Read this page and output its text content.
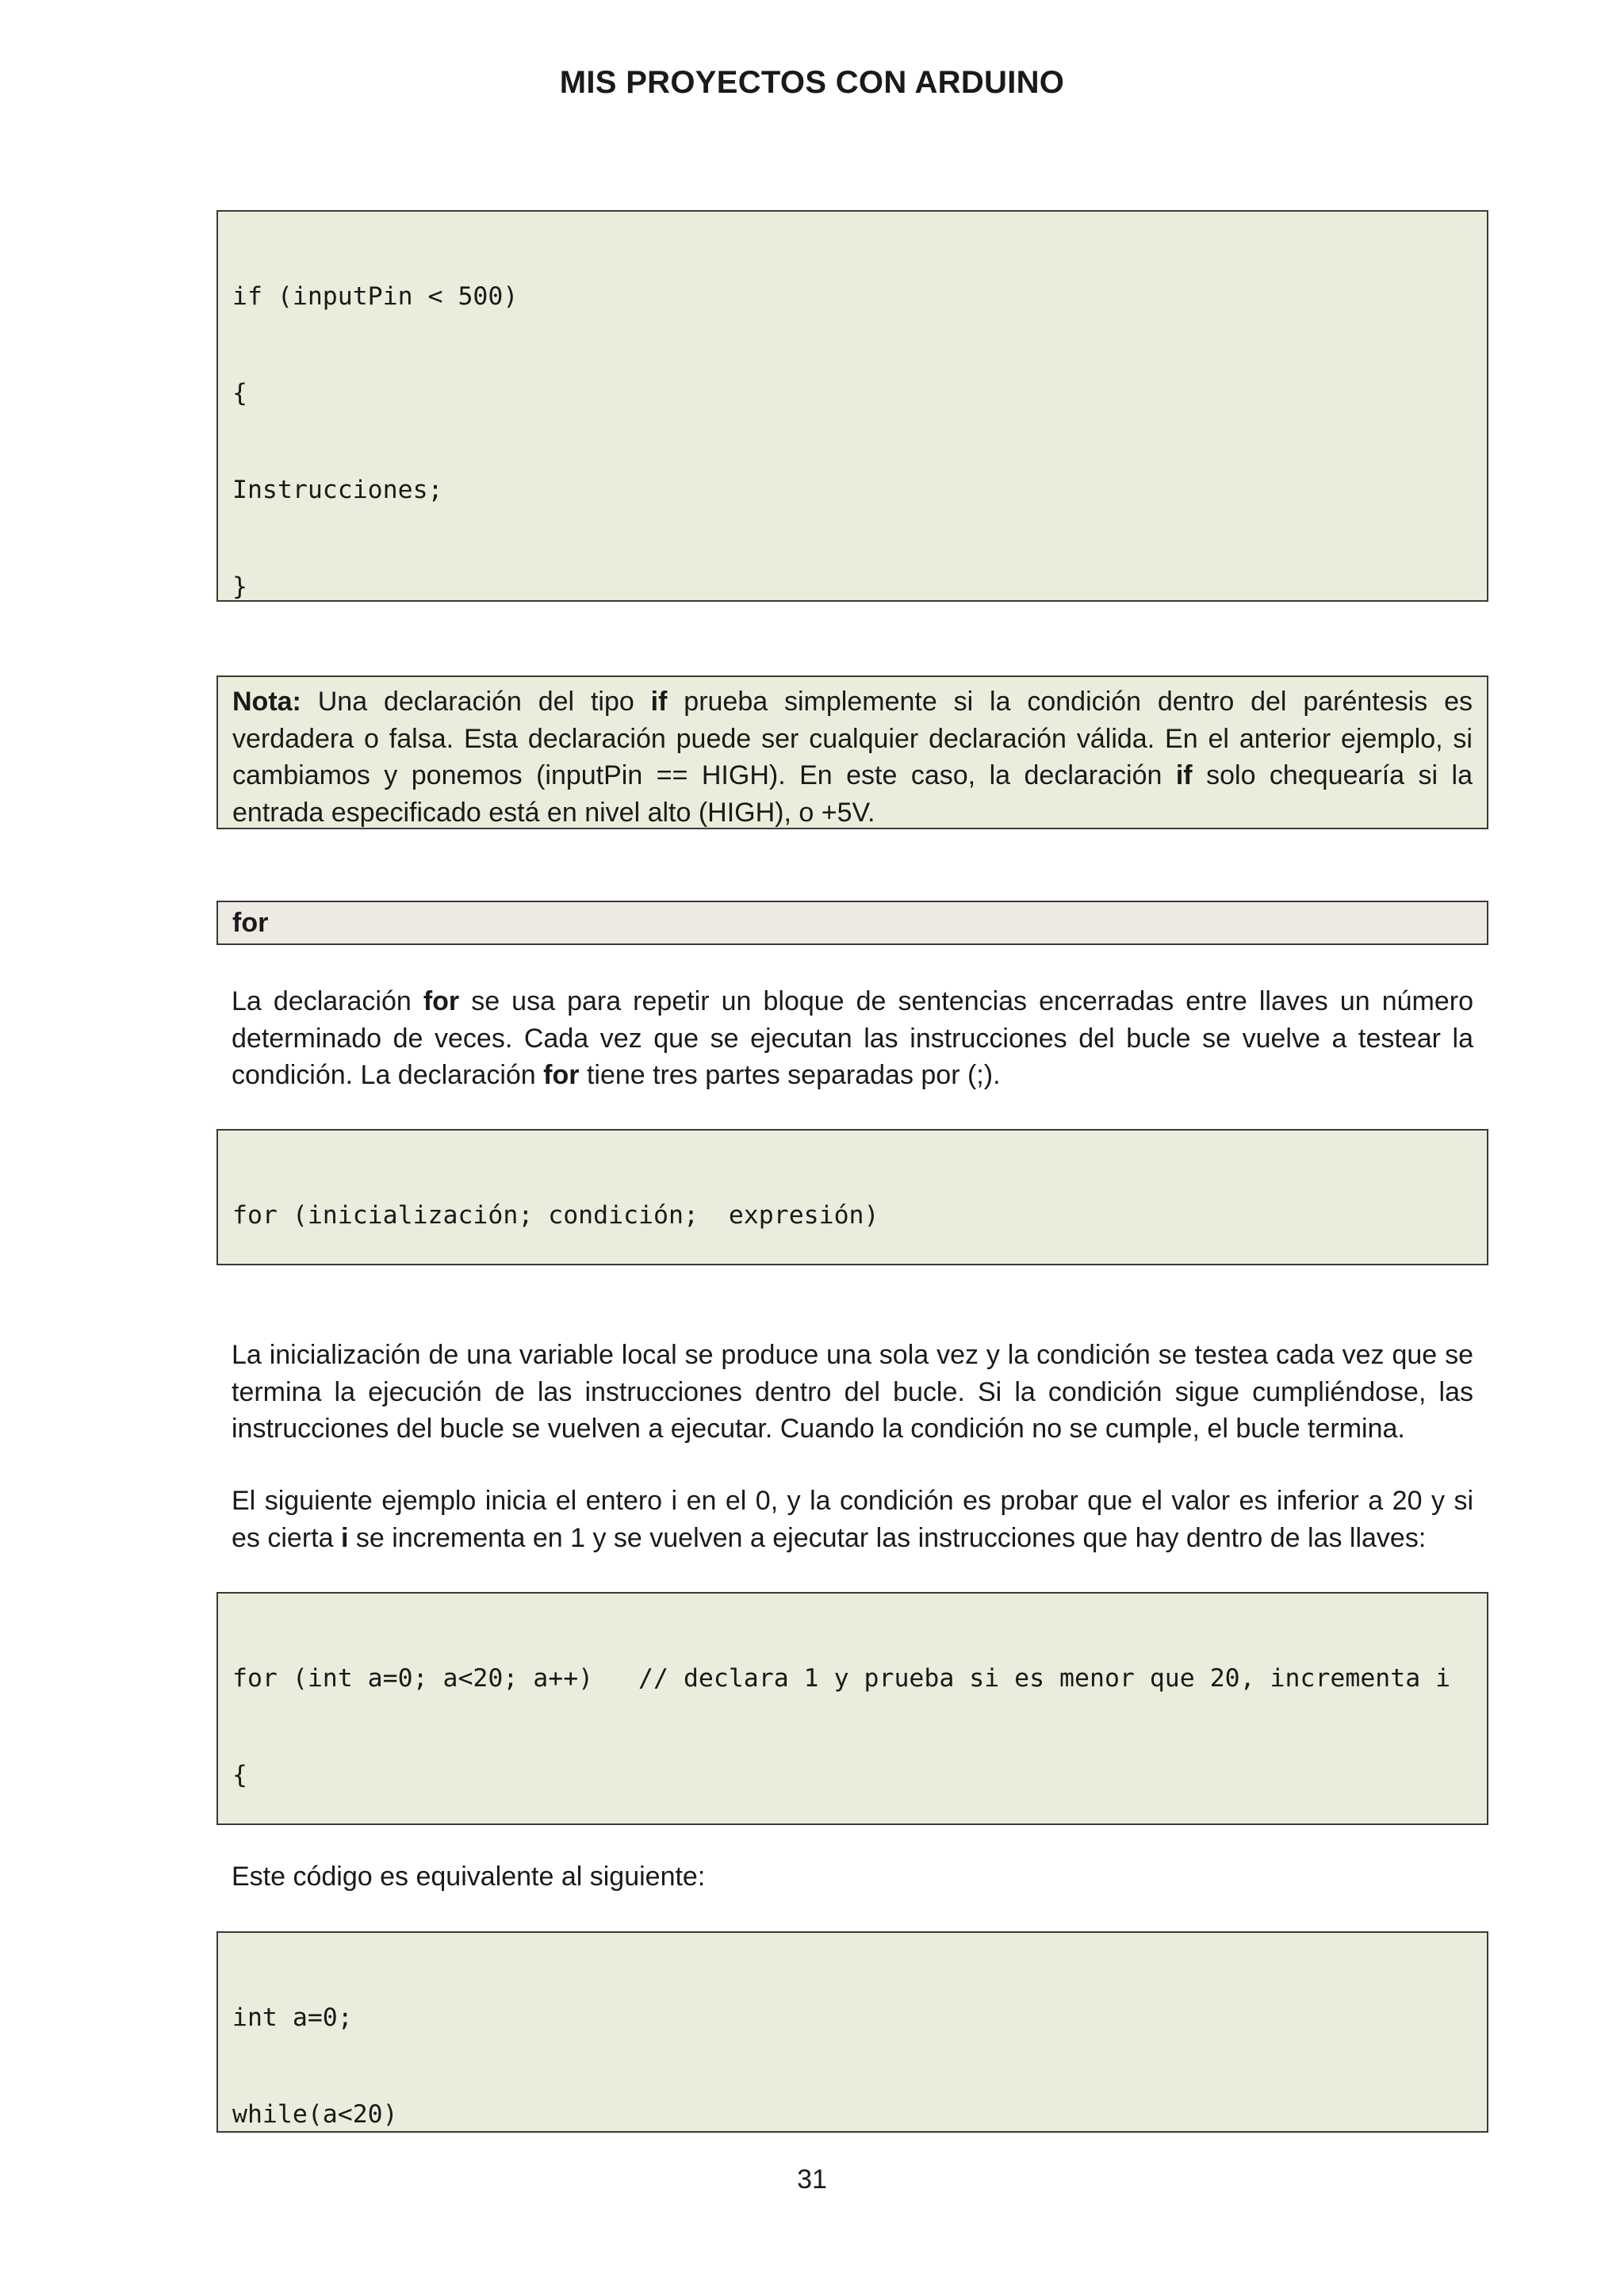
MIS PROYECTOS CON ARDUINO

if (inputPin < 500)

{

Instrucciones;

}

Nota: Una declaración del tipo if prueba simplemente si la condición dentro del paréntesis es
verdadera o falsa. Esta declaración puede ser cualquier declaración válida. En el anterior ejemplo, si
cambiamos y ponemos (inputPin == HIGH). En este caso, la declaración if solo chequearía si la
entrada especificado está en nivel alto (HIGH), o +5V.
for
La declaración for se usa para repetir un bloque de sentencias encerradas entre llaves un número
determinado de veces. Cada vez que se ejecutan las instrucciones del bucle se vuelve a testear la
condición. La declaración for tiene tres partes separadas por (;).

for (inicialización; condición;  expresión)

La inicialización de una variable local se produce una sola vez y la condición se testea cada vez que se
termina la ejecución de las instrucciones dentro del bucle. Si la condición sigue cumpliéndose, las
instrucciones del bucle se vuelven a ejecutar. Cuando la condición no se cumple, el bucle termina.
El siguiente ejemplo inicia el entero i en el 0, y la condición es probar que el valor es inferior a 20 y si
es cierta i se incrementa en 1 y se vuelven a ejecutar las instrucciones que hay dentro de las llaves:

for (int a=0; a<20; a++)   // declara 1 y prueba si es menor que 20, incrementa i

{

Este código es equivalente al siguiente:

int a=0;

while(a<20)

31
